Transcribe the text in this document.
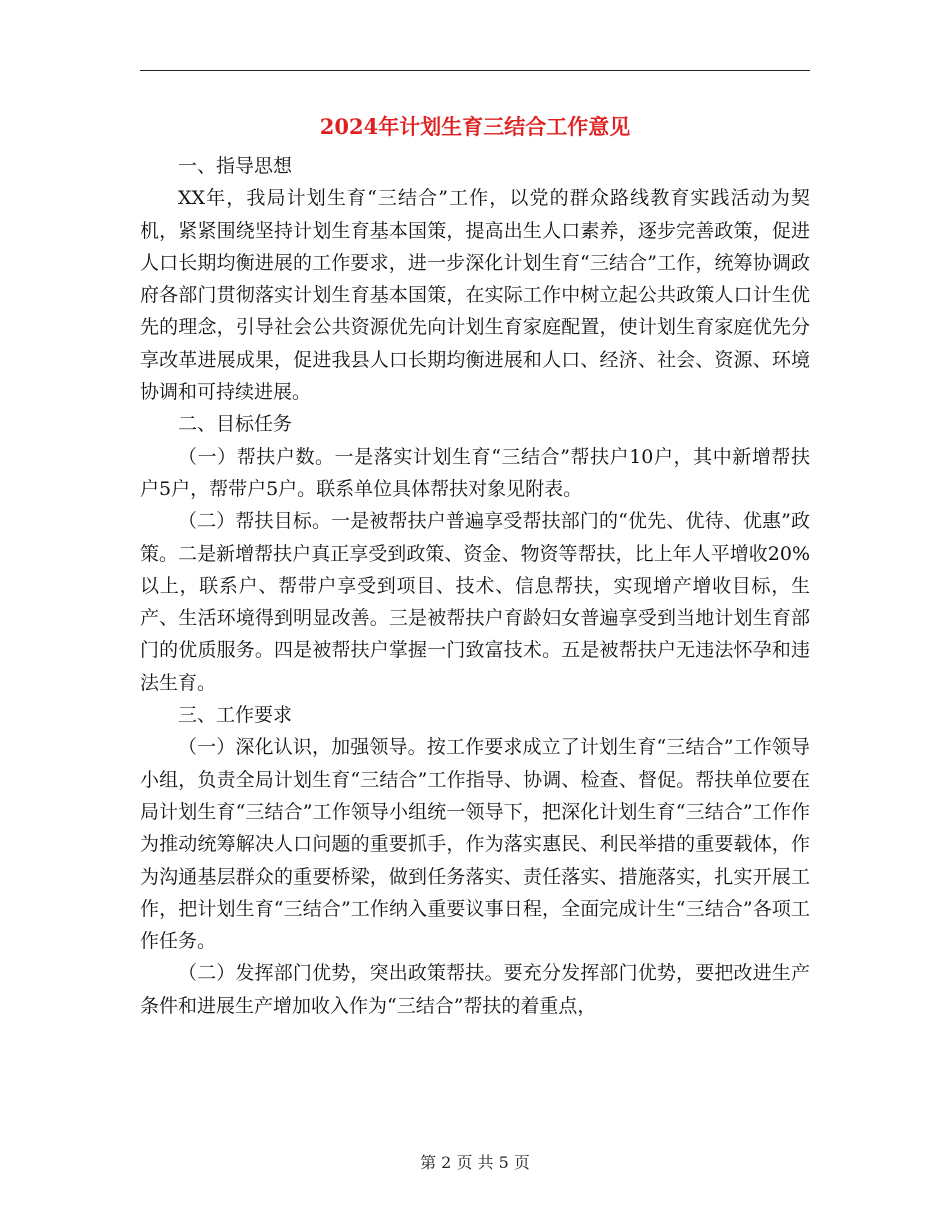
2024年计划生育三结合工作意见

一、指导思想

XX年，我局计划生育“三结合”工作，以党的群众路线教育实践活动为契机，紧紧围绕坚持计划生育基本国策，提高出生人口素养，逐步完善政策，促进人口长期均衡进展的工作要求，进一步深化计划生育“三结合”工作，统筹协调政府各部门贯彻落实计划生育基本国策，在实际工作中树立起公共政策人口计生优先的理念，引导社会公共资源优先向计划生育家庭配置，使计划生育家庭优先分享改革进展成果，促进我县人口长期均衡进展和人口、经济、社会、资源、环境协调和可持续进展。

二、目标任务

（一）帮扶户数。一是落实计划生育“三结合”帮扶户10户，其中新增帮扶户5户，帮带户5户。联系单位具体帮扶对象见附表。

（二）帮扶目标。一是被帮扶户普遍享受帮扶部门的“优先、优待、优惠”政策。二是新增帮扶户真正享受到政策、资金、物资等帮扶，比上年人平增收20%以上，联系户、帮带户享受到项目、技术、信息帮扶，实现增产增收目标，生产、生活环境得到明显改善。三是被帮扶户育龄妇女普遍享受到当地计划生育部门的优质服务。四是被帮扶户掌握一门致富技术。五是被帮扶户无违法怀孕和违法生育。

三、工作要求

（一）深化认识，加强领导。按工作要求成立了计划生育“三结合”工作领导小组，负责全局计划生育“三结合”工作指导、协调、检查、督促。帮扶单位要在局计划生育“三结合”工作领导小组统一领导下，把深化计划生育“三结合”工作作为推动统筹解决人口问题的重要抓手，作为落实惠民、利民举措的重要载体，作为沟通基层群众的重要桥梁，做到任务落实、责任落实、措施落实，扎实开展工作，把计划生育“三结合”工作纳入重要议事日程，全面完成计生“三结合”各项工作任务。

（二）发挥部门优势，突出政策帮扶。要充分发挥部门优势，要把改进生产条件和进展生产增加收入作为“三结合”帮扶的着重点，

第 2 页 共 5 页
